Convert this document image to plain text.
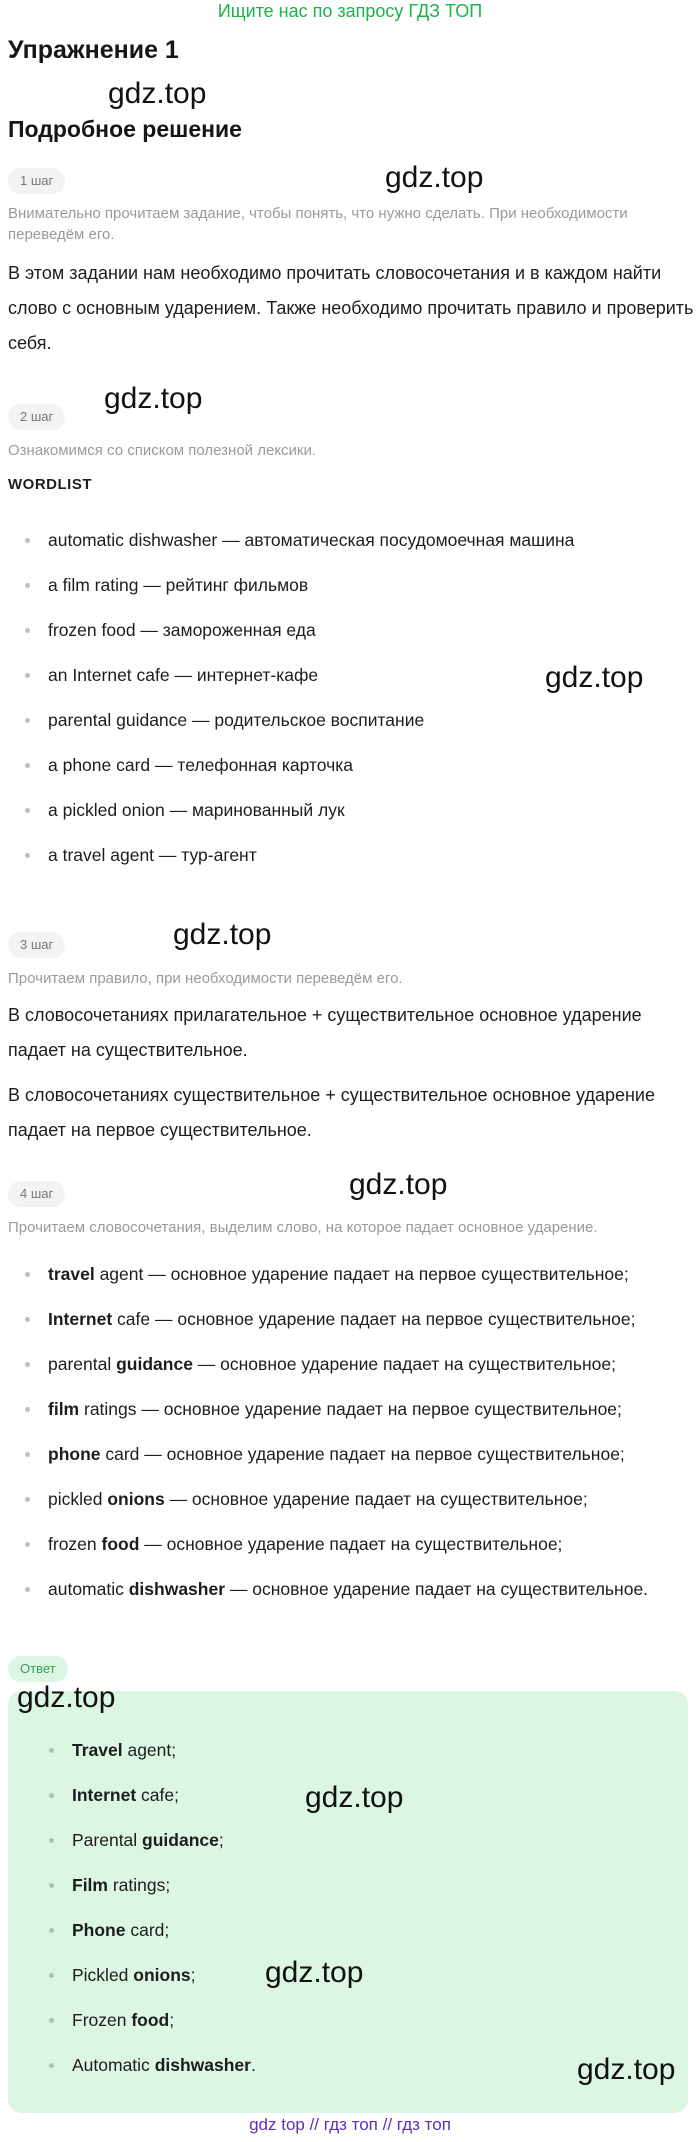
Ищите нас по запросу ГДЗ ТОП
Упражнение 1
gdz.top
Подробное решение
1 шаг	gdz.top
Внимательно прочитаем задание, чтобы понять, что нужно сделать. При необходимости переведём его.
В этом задании нам необходимо прочитать словосочетания и в каждом найти слово с основным ударением. Также необходимо прочитать правило и проверить себя.
2 шаг
gdz.top
Ознакомимся со списком полезной лексики.
WORDLIST
automatic dishwasher — автоматическая посудомоечная машина
a film rating — рейтинг фильмов
frozen food — замороженная еда
an Internet cafe — интернет-кафе
parental guidance — родительское воспитание
a phone card — телефонная карточка
a pickled onion — маринованный лук
a travel agent — тур-агент
gdz.top
3 шаг	gdz.top
Прочитаем правило, при необходимости переведём его.
В словосочетаниях прилагательное + существительное основное ударение падает на существительное.
В словосочетаниях существительное + существительное основное ударение падает на первое существительное.
4 шаг	gdz.top
Прочитаем словосочетания, выделим слово, на которое падает основное ударение.
travel agent — основное ударение падает на первое существительное;
Internet cafe — основное ударение падает на первое существительное;
parental guidance — основное ударение падает на существительное;
film ratings — основное ударение падает на первое существительное;
phone card — основное ударение падает на первое существительное;
pickled onions — основное ударение падает на существительное;
frozen food — основное ударение падает на существительное;
automatic dishwasher — основное ударение падает на существительное.
Ответ
gdz.top
Travel agent;
Internet cafe;
Parental guidance;
Film ratings;
Phone card;
Pickled onions;
Frozen food;
Automatic dishwasher.
gdz.top
gdz.top
gdz.top
gdz top // гдз топ // гдз топ
